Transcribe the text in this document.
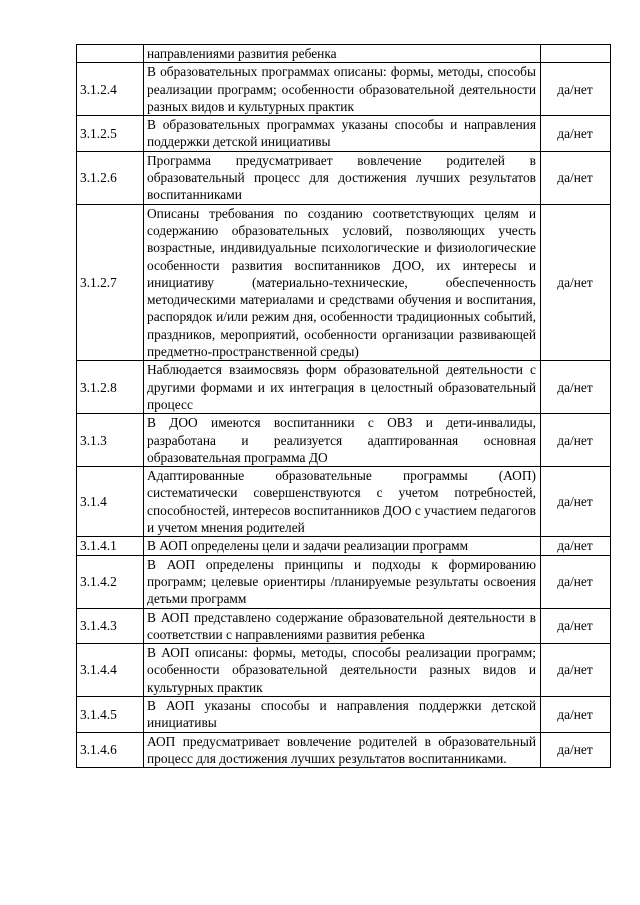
	направлениями развития ребенка	
3.1.2.4	В образовательных программах описаны: формы, методы, способы реализации программ; особенности образовательной деятельности разных видов и культурных практик	да/нет
3.1.2.5	В образовательных программах указаны способы и направления поддержки детской инициативы	да/нет
3.1.2.6	Программа предусматривает вовлечение родителей в образовательный процесс для достижения лучших результатов воспитанниками	да/нет
3.1.2.7	Описаны требования по созданию соответствующих целям и содержанию образовательных условий, позволяющих учесть возрастные, индивидуальные психологические и физиологические особенности развития воспитанников ДОО, их интересы и инициативу (материально-технические, обеспеченность методическими материалами и средствами обучения и воспитания, распорядок и/или режим дня, особенности традиционных событий, праздников, мероприятий, особенности организации развивающей предметно-пространственной среды)	да/нет
3.1.2.8	Наблюдается взаимосвязь форм образовательной деятельности с другими формами и их интеграция в целостный образовательный процесс	да/нет
3.1.3	В ДОО имеются воспитанники с ОВЗ и дети-инвалиды, разработана и реализуется адаптированная основная образовательная программа ДО	да/нет
3.1.4	Адаптированные образовательные программы (АОП) систематически совершенствуются с учетом потребностей, способностей, интересов воспитанников ДОО с участием педагогов и учетом мнения родителей	да/нет
3.1.4.1	В АОП определены цели и задачи реализации программ	да/нет
3.1.4.2	В АОП определены принципы и подходы к формированию программ; целевые ориентиры /планируемые результаты освоения детьми программ	да/нет
3.1.4.3	В АОП представлено содержание образовательной деятельности в соответствии с направлениями развития ребенка	да/нет
3.1.4.4	В АОП описаны: формы, методы, способы реализации программ; особенности образовательной деятельности разных видов и культурных практик	да/нет
3.1.4.5	В АОП указаны способы и направления поддержки детской инициативы	да/нет
3.1.4.6	АОП предусматривает вовлечение родителей в образовательный процесс для достижения лучших результатов воспитанниками.	да/нет
